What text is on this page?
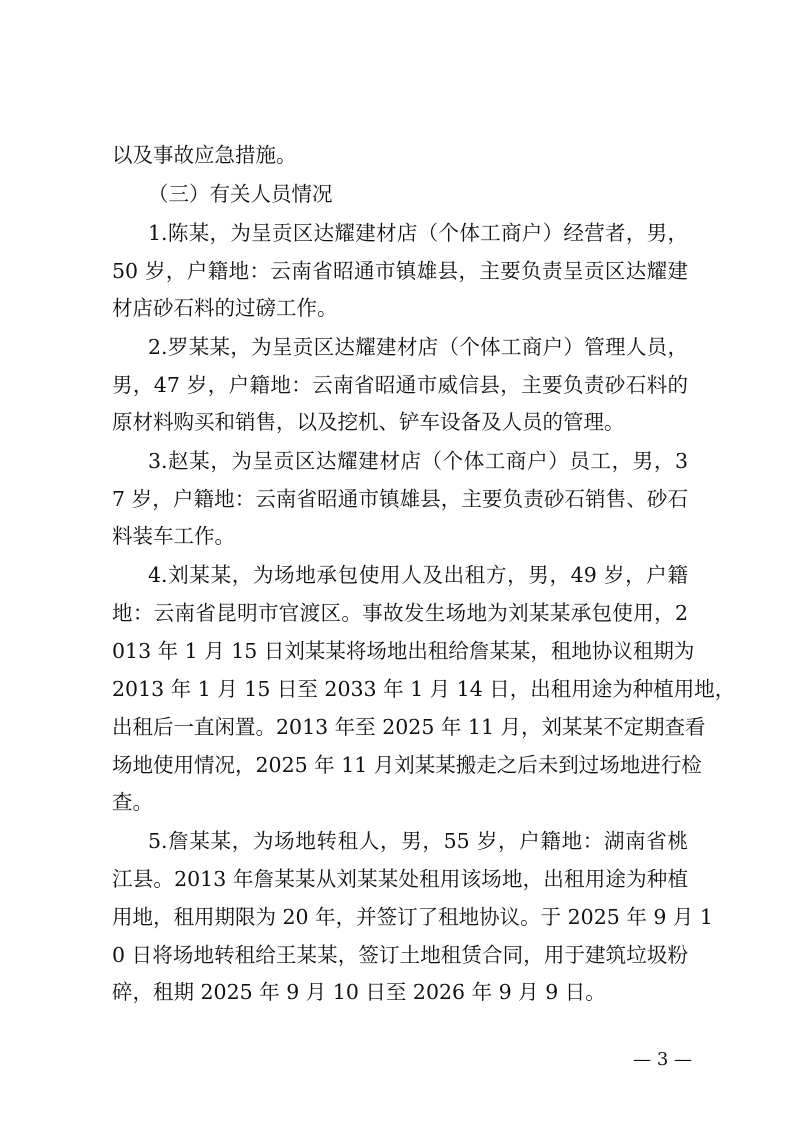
以及事故应急措施。
（三）有关人员情况
1.陈某，为呈贡区达耀建材店（个体工商户）经营者，男，
50 岁，户籍地：云南省昭通市镇雄县，主要负责呈贡区达耀建
材店砂石料的过磅工作。
2.罗某某，为呈贡区达耀建材店（个体工商户）管理人员，
男，47 岁，户籍地：云南省昭通市威信县，主要负责砂石料的
原材料购买和销售，以及挖机、铲车设备及人员的管理。
3.赵某，为呈贡区达耀建材店（个体工商户）员工，男，3
7 岁，户籍地：云南省昭通市镇雄县，主要负责砂石销售、砂石
料装车工作。
4.刘某某，为场地承包使用人及出租方，男，49 岁，户籍
地：云南省昆明市官渡区。事故发生场地为刘某某承包使用，2
013 年 1 月 15 日刘某某将场地出租给詹某某，租地协议租期为
2013 年 1 月 15 日至 2033 年 1 月 14 日，出租用途为种植用地，
出租后一直闲置。2013 年至 2025 年 11 月，刘某某不定期查看
场地使用情况，2025 年 11 月刘某某搬走之后未到过场地进行检
查。
5.詹某某，为场地转租人，男，55 岁，户籍地：湖南省桃
江县。2013 年詹某某从刘某某处租用该场地，出租用途为种植
用地，租用期限为 20 年，并签订了租地协议。于 2025 年 9 月 1
0 日将场地转租给王某某，签订土地租赁合同，用于建筑垃圾粉
碎，租期 2025 年 9 月 10 日至 2026 年 9 月 9 日。
— 3 —
